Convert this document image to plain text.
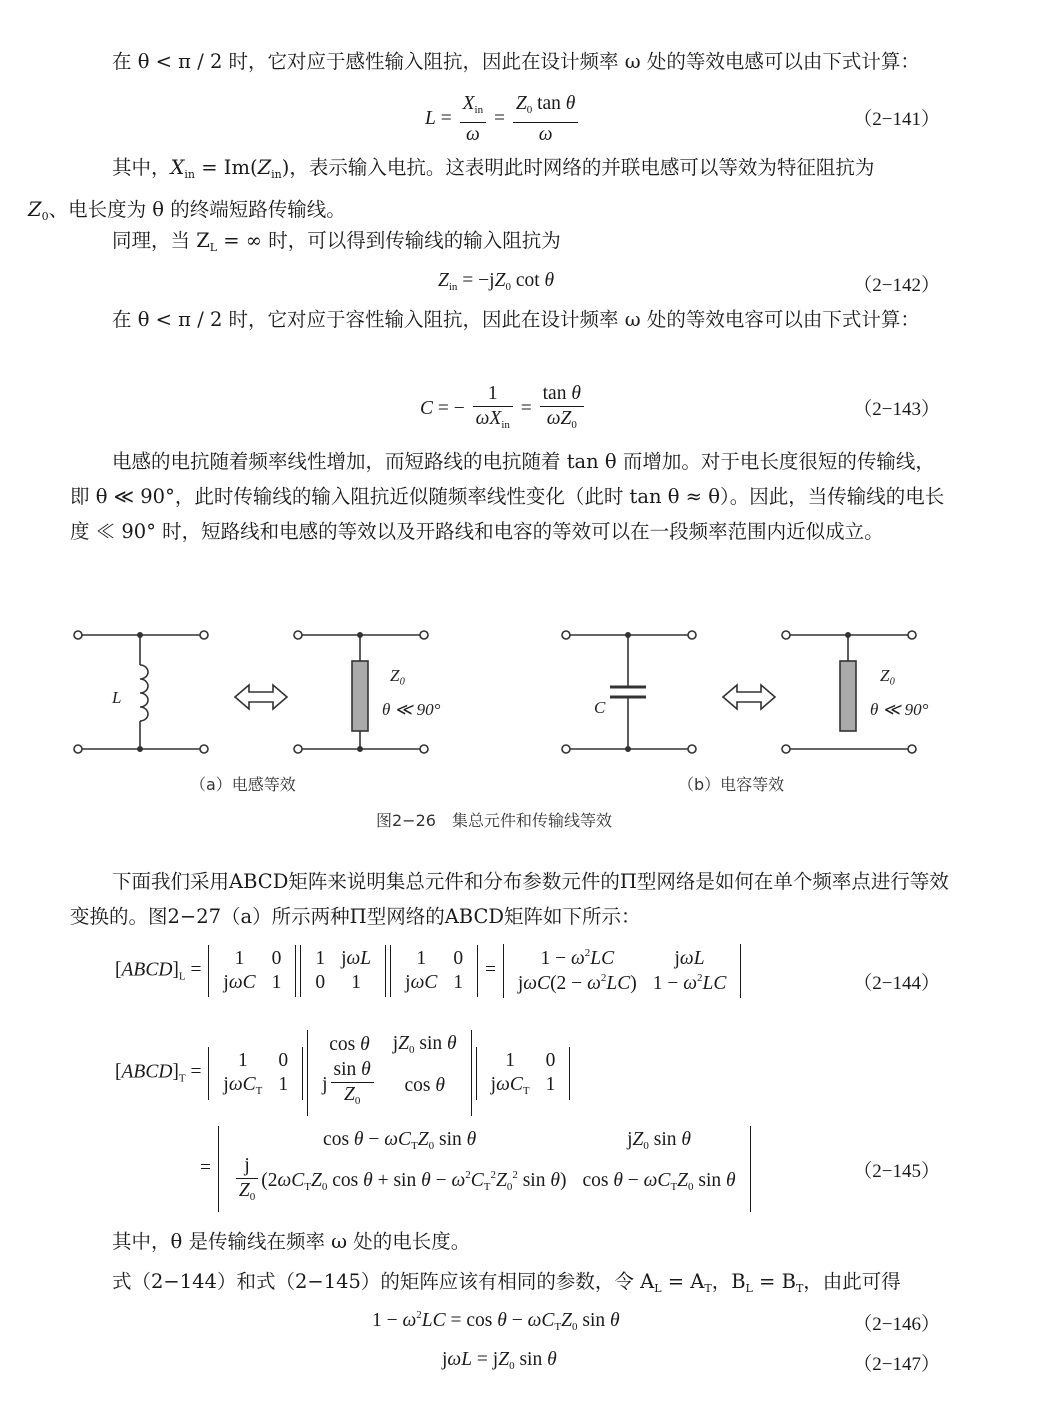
在 θ < π / 2 时，它对应于感性输入阻抗，因此在设计频率 ω 处的等效电感可以由下式计算：

$L = \frac{X_{in}}{\omega} = \frac{Z_0 \tan \theta}{\omega}$	（2−141）

其中，$X_{in} = Im(Z_{in})$，表示输入电抗。这表明此时网络的并联电感可以等效为特征阻抗为
$Z_0$、电长度为 θ 的终端短路传输线。

同理，当 $Z_L$ = ∞ 时，可以得到传输线的输入阻抗为

$Z_{in} = -jZ_0$ cot θ	（2−142）

在 θ < π / 2 时，它对应于容性输入阻抗，因此在设计频率 ω 处的等效电容可以由下式计算：

C = − $\frac{1}{\omega X_{in}} = \frac{\text{tan θ}}{\omega Z_0}$	（2−143）

电感的电抗随着频率线性增加，而短路线的电抗随着 tan θ 而增加。对于电长度很短的传输线，即 θ ≪ 90°，此时传输线的输入阻抗近似随频率线性变化（此时 tan θ ≈ θ）。因此，当传输线的电长度 ≪ 90° 时，短路线和电感的等效以及开路线和电容的等效可以在一段频率范围内近似成立。

L
C
Z₀
θ ≪ 90°
Z₀
θ ≪ 90°
（a）电感等效	（b）电容等效
图2−26　集总元件和传输线等效

下面我们采用ABCD矩阵来说明集总元件和分布参数元件的Π型网络是如何在单个频率点进行等效变换的。图2−27（a）所示两种Π型网络的ABCD矩阵如下所示：

$[ABCD]_L$ =
1	0
jωC	1
1	jωL
0	1
1	0
jωC	1
=
$1 - \omega^2LC$	jωL
$j\omega C(2 - \omega^2LC)$	$1 - \omega^2LC$	（2−144）
$[ABCD]_T$ =
1	0
jωC$_T$	1
cos θ	$jZ_0$ sin θ
j $\frac{\text{sin θ}}{Z_0}$	cos θ
1	0
jωC$_T$	1
=
$\cos \theta - \omega C_TZ_0$ sin θ	$jZ_0$ sin θ

$\frac{j}{Z_0} (2\omega C_TZ_0$ $\cos \theta + \sin \theta - \omega^2C_T^2Z_0^2$ sin θ)	$\cos \theta - \omega C_TZ_0$ sin θ	（2−145）

其中，θ 是传输线在频率 ω 处的电长度。

式（2−144）和式（2−145）的矩阵应该有相同的参数，令 $A_L = A_T$，$B_L = B_T$，由此可得

$1 - \omega^2LC = \cos \theta - \omega C_TZ_0$ sin θ	（2−146）
$j\omega L = jZ_0$ sin θ	（2−147）
